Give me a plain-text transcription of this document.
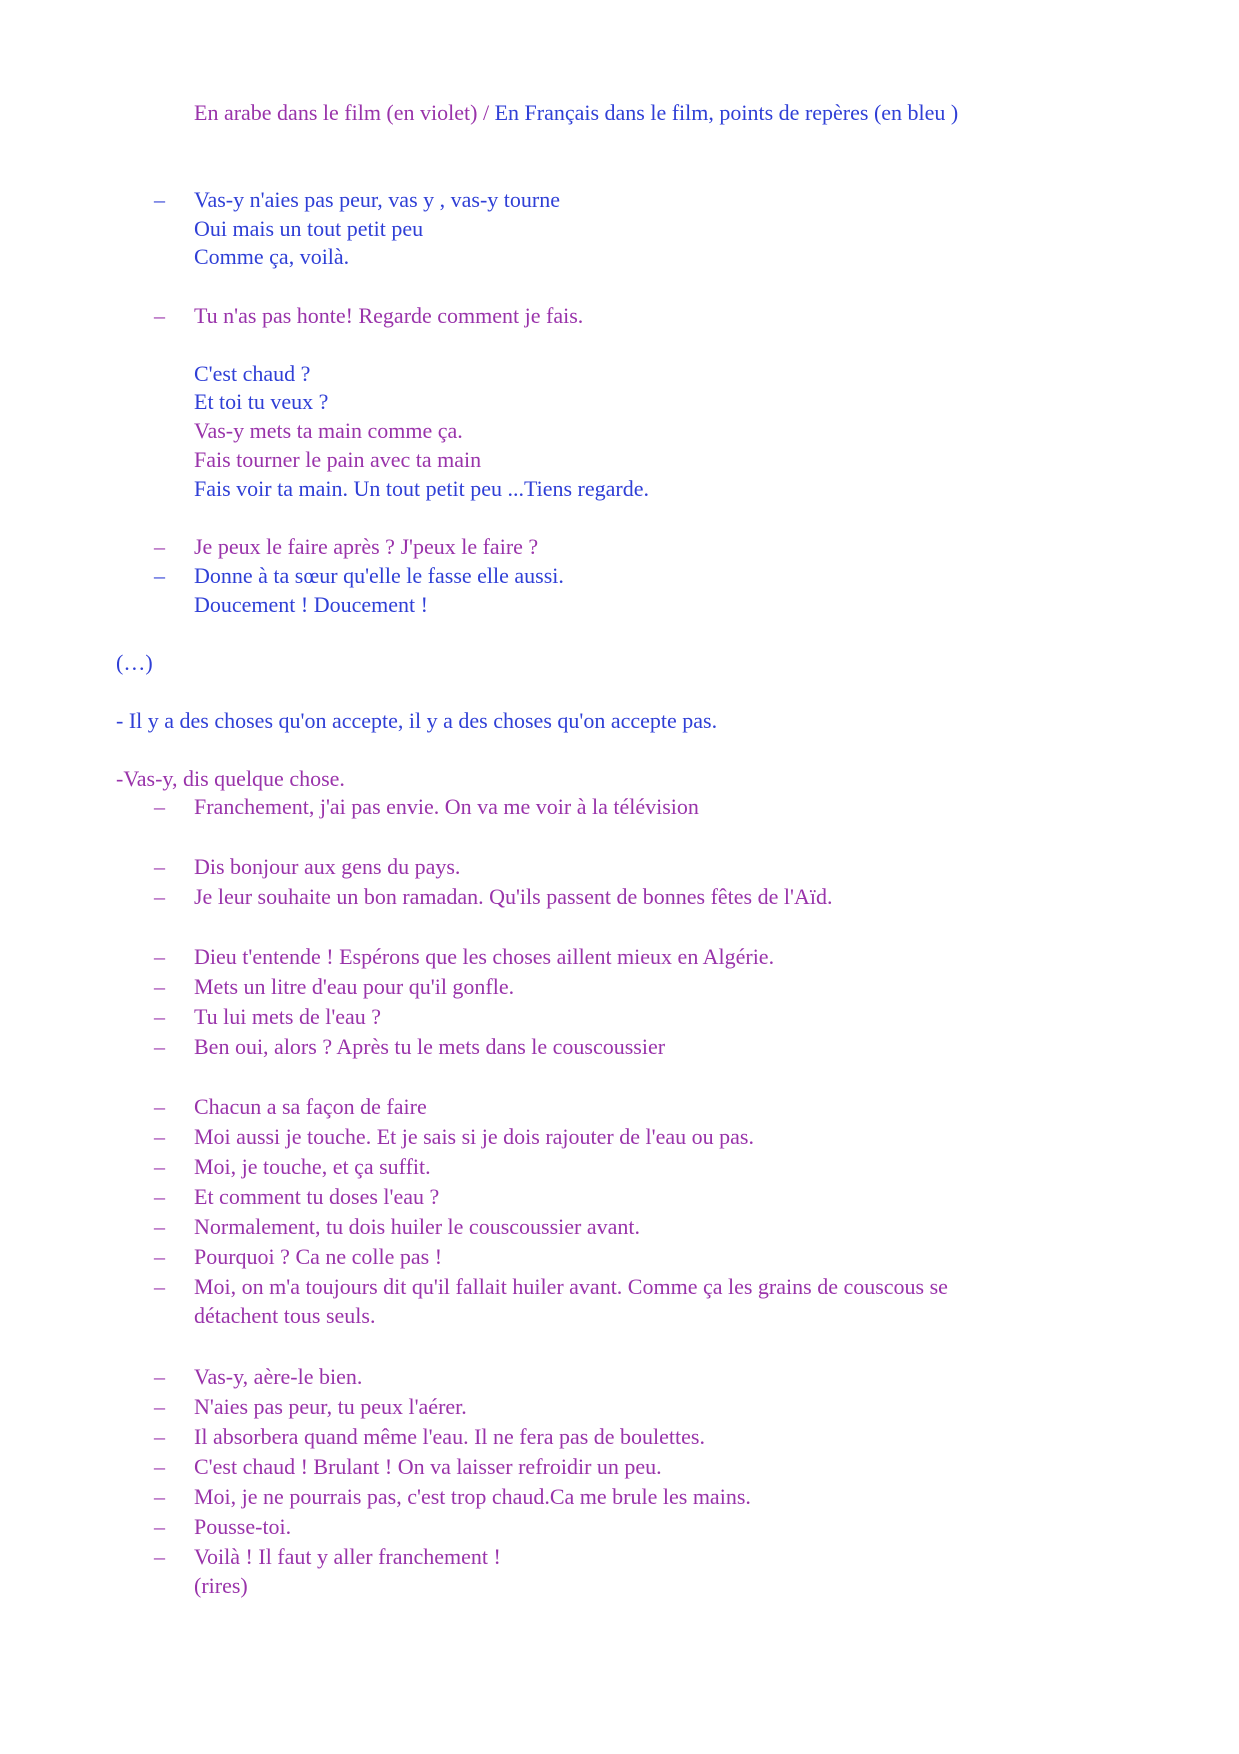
En arabe dans le film (en violet) / En Français dans le film, points de repères (en bleu )
– Vas-y n'aies pas peur, vas y , vas-y tourne
Oui mais un tout petit peu
Comme ça, voilà.
– Tu n'as pas honte! Regarde comment je fais.
C'est chaud ?
Et toi tu veux ?
Vas-y mets ta main comme ça.
Fais tourner le pain avec ta main
Fais voir ta main. Un tout petit peu ...Tiens regarde.
– Je peux le faire après ? J'peux le faire ?
– Donne à ta sœur qu'elle le fasse elle aussi.
Doucement ! Doucement !
(…)
- Il y a des choses qu'on accepte, il y a des choses qu'on accepte pas.
-Vas-y, dis quelque chose.
– Franchement, j'ai pas envie. On va me voir à la télévision
– Dis bonjour aux gens du pays.
– Je leur souhaite un bon ramadan. Qu'ils passent de bonnes fêtes de l'Aïd.
– Dieu t'entende ! Espérons que les choses aillent mieux en Algérie.
– Mets un litre d'eau pour qu'il gonfle.
– Tu lui mets de l'eau ?
– Ben oui, alors ? Après tu le mets dans le couscoussier
– Chacun a sa façon de faire
– Moi aussi je touche. Et je sais si je dois rajouter de l'eau ou pas.
– Moi, je touche, et ça suffit.
– Et comment tu doses l'eau ?
– Normalement, tu dois huiler le couscoussier avant.
– Pourquoi ? Ca ne colle pas !
– Moi, on m'a toujours dit qu'il fallait huiler avant. Comme ça les grains de couscous se
détachent tous seuls.
– Vas-y, aère-le bien.
– N'aies pas peur, tu peux l'aérer.
– Il absorbera quand même l'eau. Il ne fera pas de boulettes.
– C'est chaud ! Brulant ! On va laisser refroidir un peu.
– Moi, je ne pourrais pas, c'est trop chaud.Ca me brule les mains.
– Pousse-toi.
– Voilà ! Il faut y aller franchement !
(rires)
